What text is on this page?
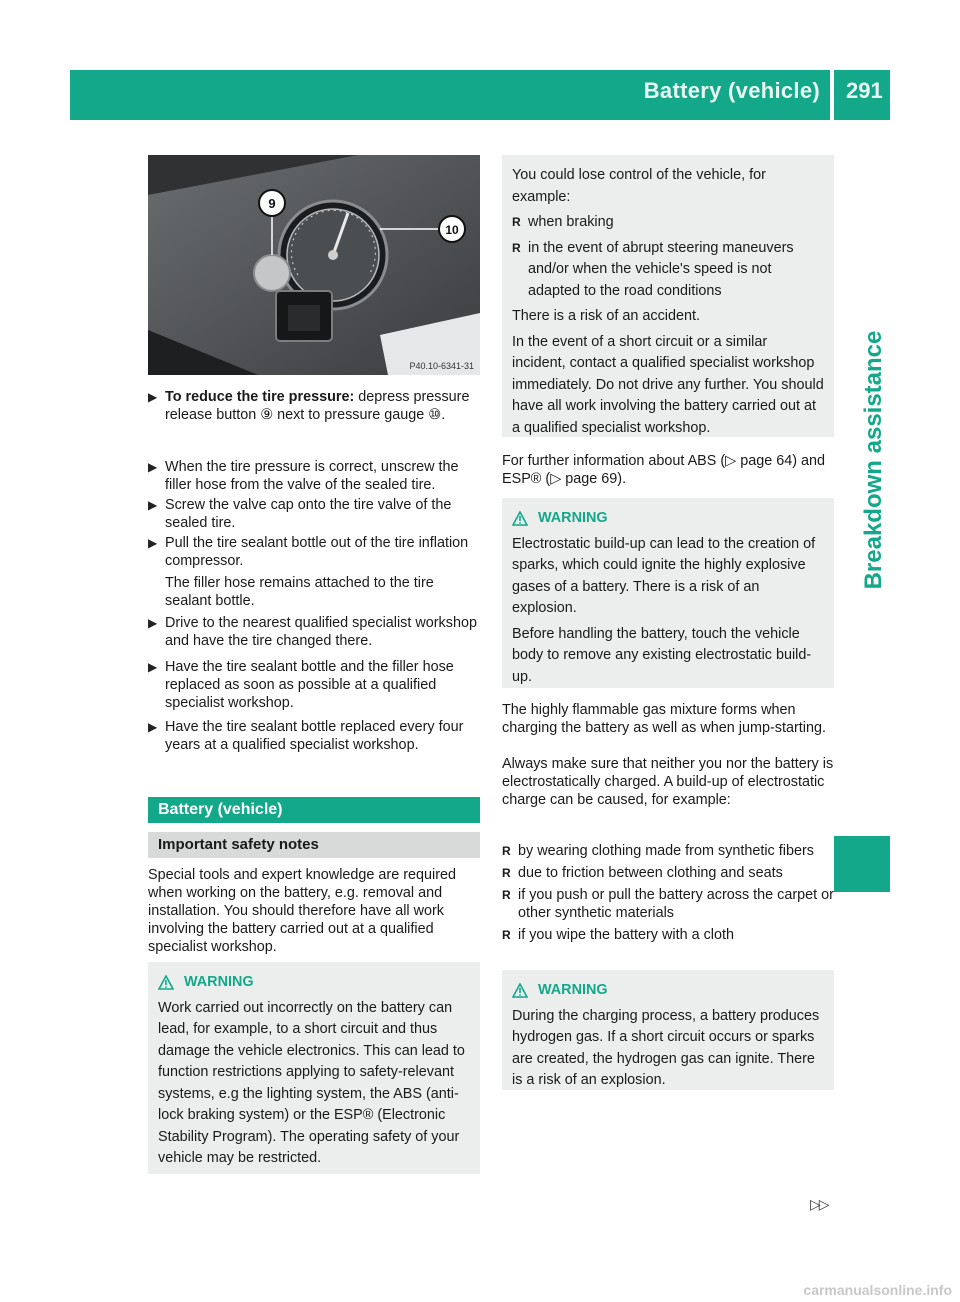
Battery (vehicle) 291
Breakdown assistance
9
10
P40.10-6341-31
▶ To reduce the tire pressure: depress pressure release button ⑨ next to pressure gauge ⑩.
▶ When the tire pressure is correct, unscrew the filler hose from the valve of the sealed tire.
▶ Screw the valve cap onto the tire valve of the sealed tire.
▶ Pull the tire sealant bottle out of the tire inflation compressor.
The filler hose remains attached to the tire sealant bottle.
▶ Drive to the nearest qualified specialist workshop and have the tire changed there.
▶ Have the tire sealant bottle and the filler hose replaced as soon as possible at a qualified specialist workshop.
▶ Have the tire sealant bottle replaced every four years at a qualified specialist workshop.
Battery (vehicle)
Important safety notes
Special tools and expert knowledge are required when working on the battery, e.g. removal and installation. You should therefore have all work involving the battery carried out at a qualified specialist workshop.
WARNING

Work carried out incorrectly on the battery can lead, for example, to a short circuit and thus damage the vehicle electronics. This can lead to function restrictions applying to safety-relevant systems, e.g the lighting system, the ABS (anti-lock braking system) or the ESP® (Electronic Stability Program). The operating safety of your vehicle may be restricted.

You could lose control of the vehicle, for example:

R when braking

R in the event of abrupt steering maneuvers and/or when the vehicle's speed is not adapted to the road conditions

There is a risk of an accident.

In the event of a short circuit or a similar incident, contact a qualified specialist workshop immediately. Do not drive any further. You should have all work involving the battery carried out at a qualified specialist workshop.

For further information about ABS (▷ page 64) and ESP® (▷ page 69).
WARNING

Electrostatic build-up can lead to the creation of sparks, which could ignite the highly explosive gases of a battery. There is a risk of an explosion.

Before handling the battery, touch the vehicle body to remove any existing electrostatic build-up.

The highly flammable gas mixture forms when charging the battery as well as when jump-starting.
Always make sure that neither you nor the battery is electrostatically charged. A build-up of electrostatic charge can be caused, for example:

R by wearing clothing made from synthetic fibers

R due to friction between clothing and seats

R if you push or pull the battery across the carpet or other synthetic materials

R if you wipe the battery with a cloth

WARNING

During the charging process, a battery produces hydrogen gas. If a short circuit occurs or sparks are created, the hydrogen gas can ignite. There is a risk of an explosion.

▷▷
carmanualsonline.info
